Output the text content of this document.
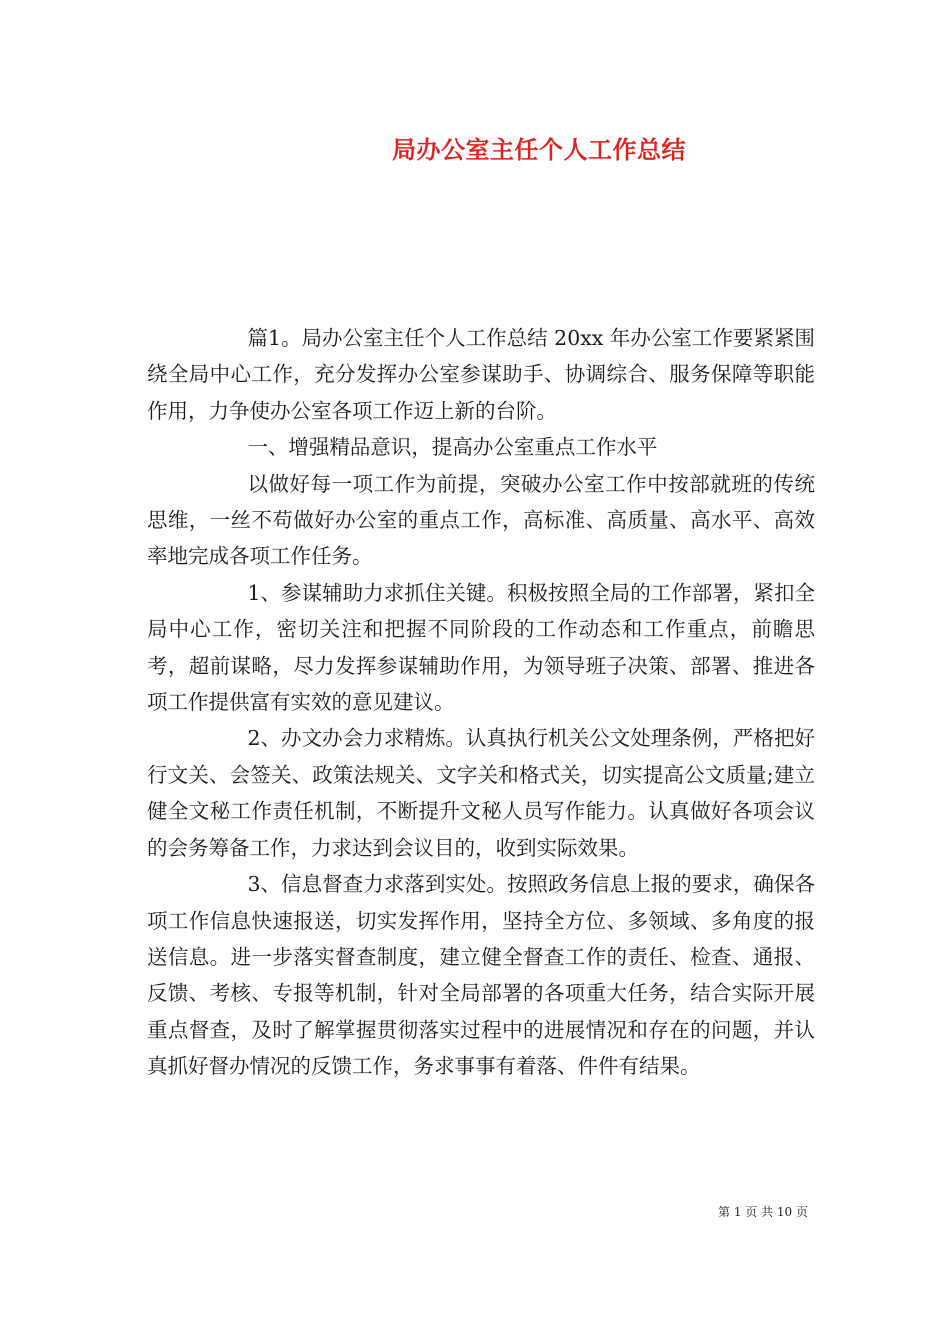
局办公室主任个人工作总结

篇1。局办公室主任个人工作总结 20xx 年办公室工作要紧紧围绕全局中心工作，充分发挥办公室参谋助手、协调综合、服务保障等职能作用，力争使办公室各项工作迈上新的台阶。

一、增强精品意识，提高办公室重点工作水平

以做好每一项工作为前提，突破办公室工作中按部就班的传统思维，一丝不苟做好办公室的重点工作，高标准、高质量、高水平、高效率地完成各项工作任务。

1、参谋辅助力求抓住关键。积极按照全局的工作部署，紧扣全局中心工作，密切关注和把握不同阶段的工作动态和工作重点，前瞻思考，超前谋略，尽力发挥参谋辅助作用，为领导班子决策、部署、推进各项工作提供富有实效的意见建议。

2、办文办会力求精炼。认真执行机关公文处理条例，严格把好行文关、会签关、政策法规关、文字关和格式关，切实提高公文质量;建立健全文秘工作责任机制，不断提升文秘人员写作能力。认真做好各项会议的会务筹备工作，力求达到会议目的，收到实际效果。

3、信息督查力求落到实处。按照政务信息上报的要求，确保各项工作信息快速报送，切实发挥作用，坚持全方位、多领域、多角度的报送信息。进一步落实督查制度，建立健全督查工作的责任、检查、通报、反馈、考核、专报等机制，针对全局部署的各项重大任务，结合实际开展重点督查，及时了解掌握贯彻落实过程中的进展情况和存在的问题，并认真抓好督办情况的反馈工作，务求事事有着落、件件有结果。

第 1 页 共 10 页
